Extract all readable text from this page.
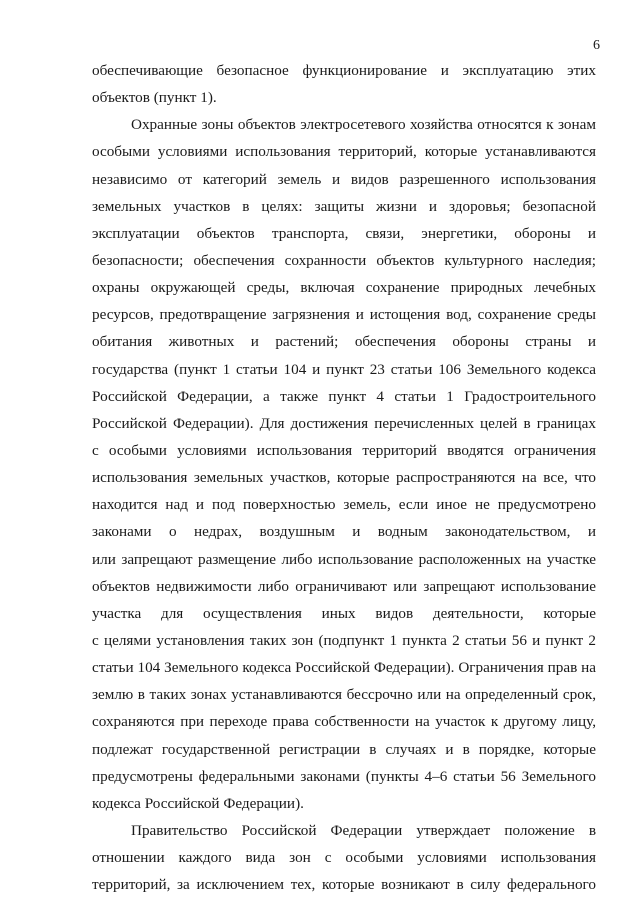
6
обеспечивающие безопасное функционирование и эксплуатацию этих
объектов (пункт 1).
Охранные зоны объектов электросетевого хозяйства относятся к зонам
особыми условиями использования территорий, которые устанавливаются
независимо от категорий земель и видов разрешенного использования
земельных участков в целях: защиты жизни и здоровья; безопасной
эксплуатации объектов транспорта, связи, энергетики, обороны и
безопасности; обеспечения сохранности объектов культурного наследия;
охраны окружающей среды, включая сохранение природных лечебных
ресурсов, предотвращение загрязнения и истощения вод, сохранение среды
обитания животных и растений; обеспечения обороны страны и
государства (пункт 1 статьи 104 и пункт 23 статьи 106 Земельного кодекса
Российской Федерации, а также пункт 4 статьи 1 Градостроительного
Российской Федерации). Для достижения перечисленных целей в границах
с особыми условиями использования территорий вводятся ограничения
использования земельных участков, которые распространяются на все, что
находится над и под поверхностью земель, если иное не предусмотрено
законами о недрах, воздушным и водным законодательством, и
или запрещают размещение либо использование расположенных на участке
объектов недвижимости либо ограничивают или запрещают использование
участка для осуществления иных видов деятельности, которые
с целями установления таких зон (подпункт 1 пункта 2 статьи 56 и пункт 2
статьи 104 Земельного кодекса Российской Федерации). Ограничения прав на
землю в таких зонах устанавливаются бессрочно или на определенный срок,
сохраняются при переходе права собственности на участок к другому лицу,
подлежат государственной регистрации в случаях и в порядке, которые
предусмотрены федеральными законами (пункты 4–6 статьи 56 Земельного
кодекса Российской Федерации).
Правительство Российской Федерации утверждает положение в
отношении каждого вида зон с особыми условиями использования
территорий, за исключением тех, которые возникают в силу федерального
